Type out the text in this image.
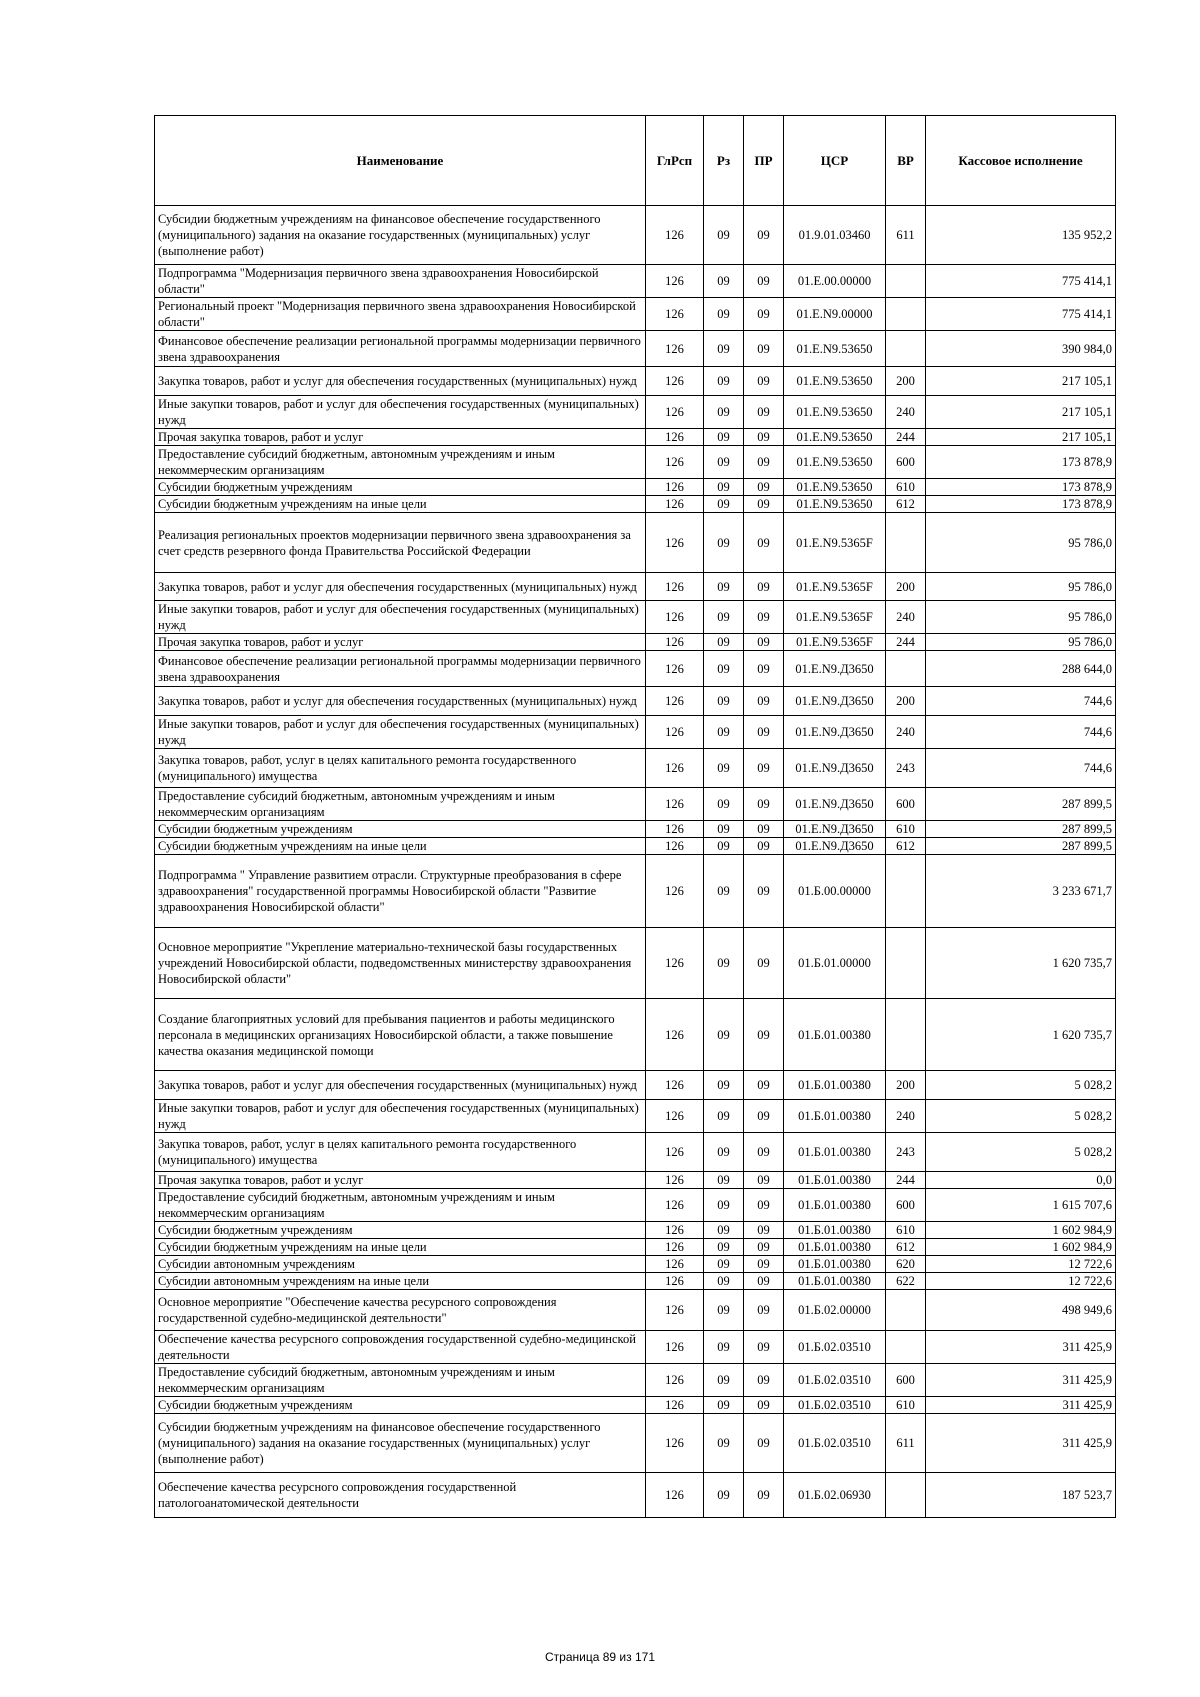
Наименование	ГлРсп	Рз	ПР	ЦСР	ВР	Кассовое исполнение
Субсидии бюджетным учреждениям на финансовое обеспечение государственного (муниципального) задания на оказание государственных (муниципальных) услуг (выполнение работ)	126	09	09	01.9.01.03460	611	135 952,2
Подпрограмма "Модернизация первичного звена здравоохранения Новосибирской области"	126	09	09	01.E.00.00000		775 414,1
Региональный проект "Модернизация первичного звена здравоохранения Новосибирской области"	126	09	09	01.E.N9.00000		775 414,1
Финансовое обеспечение реализации региональной программы модернизации первичного звена здравоохранения	126	09	09	01.E.N9.53650		390 984,0
Закупка товаров, работ и услуг для обеспечения государственных (муниципальных) нужд	126	09	09	01.E.N9.53650	200	217 105,1
Иные закупки товаров, работ и услуг для обеспечения государственных (муниципальных) нужд	126	09	09	01.E.N9.53650	240	217 105,1
Прочая закупка товаров, работ и услуг	126	09	09	01.E.N9.53650	244	217 105,1
Предоставление субсидий бюджетным, автономным учреждениям и иным некоммерческим организациям	126	09	09	01.E.N9.53650	600	173 878,9
Субсидии бюджетным учреждениям	126	09	09	01.E.N9.53650	610	173 878,9
Субсидии бюджетным учреждениям на иные цели	126	09	09	01.E.N9.53650	612	173 878,9
Реализация региональных проектов модернизации первичного звена здравоохранения за счет средств резервного фонда Правительства Российской Федерации	126	09	09	01.E.N9.5365F		95 786,0
Закупка товаров, работ и услуг для обеспечения государственных (муниципальных) нужд	126	09	09	01.E.N9.5365F	200	95 786,0
Иные закупки товаров, работ и услуг для обеспечения государственных (муниципальных) нужд	126	09	09	01.E.N9.5365F	240	95 786,0
Прочая закупка товаров, работ и услуг	126	09	09	01.E.N9.5365F	244	95 786,0
Финансовое обеспечение реализации региональной программы модернизации первичного звена здравоохранения	126	09	09	01.E.N9.Д3650		288 644,0
Закупка товаров, работ и услуг для обеспечения государственных (муниципальных) нужд	126	09	09	01.E.N9.Д3650	200	744,6
Иные закупки товаров, работ и услуг для обеспечения государственных (муниципальных) нужд	126	09	09	01.E.N9.Д3650	240	744,6
Закупка товаров, работ, услуг в целях капитального ремонта государственного (муниципального) имущества	126	09	09	01.E.N9.Д3650	243	744,6
Предоставление субсидий бюджетным, автономным учреждениям и иным некоммерческим организациям	126	09	09	01.E.N9.Д3650	600	287 899,5
Субсидии бюджетным учреждениям	126	09	09	01.E.N9.Д3650	610	287 899,5
Субсидии бюджетным учреждениям на иные цели	126	09	09	01.E.N9.Д3650	612	287 899,5
Подпрограмма " Управление развитием отрасли. Структурные преобразования в сфере здравоохранения" государственной программы Новосибирской области "Развитие здравоохранения Новосибирской области"	126	09	09	01.Б.00.00000		3 233 671,7
Основное мероприятие "Укрепление материально-технической базы государственных учреждений Новосибирской области, подведомственных министерству здравоохранения Новосибирской области"	126	09	09	01.Б.01.00000		1 620 735,7
Создание благоприятных условий для пребывания пациентов и работы медицинского персонала в медицинских организациях Новосибирской области, а также повышение качества оказания медицинской помощи	126	09	09	01.Б.01.00380		1 620 735,7
Закупка товаров, работ и услуг для обеспечения государственных (муниципальных) нужд	126	09	09	01.Б.01.00380	200	5 028,2
Иные закупки товаров, работ и услуг для обеспечения государственных (муниципальных) нужд	126	09	09	01.Б.01.00380	240	5 028,2
Закупка товаров, работ, услуг в целях капитального ремонта государственного (муниципального) имущества	126	09	09	01.Б.01.00380	243	5 028,2
Прочая закупка товаров, работ и услуг	126	09	09	01.Б.01.00380	244	0,0
Предоставление субсидий бюджетным, автономным учреждениям и иным некоммерческим организациям	126	09	09	01.Б.01.00380	600	1 615 707,6
Субсидии бюджетным учреждениям	126	09	09	01.Б.01.00380	610	1 602 984,9
Субсидии бюджетным учреждениям на иные цели	126	09	09	01.Б.01.00380	612	1 602 984,9
Субсидии автономным учреждениям	126	09	09	01.Б.01.00380	620	12 722,6
Субсидии автономным учреждениям на иные цели	126	09	09	01.Б.01.00380	622	12 722,6
Основное мероприятие "Обеспечение качества ресурсного сопровождения государственной судебно-медицинской деятельности"	126	09	09	01.Б.02.00000		498 949,6
Обеспечение качества ресурсного сопровождения государственной судебно-медицинской деятельности	126	09	09	01.Б.02.03510		311 425,9
Предоставление субсидий бюджетным, автономным учреждениям и иным некоммерческим организациям	126	09	09	01.Б.02.03510	600	311 425,9
Субсидии бюджетным учреждениям	126	09	09	01.Б.02.03510	610	311 425,9
Субсидии бюджетным учреждениям на финансовое обеспечение государственного (муниципального) задания на оказание государственных (муниципальных) услуг (выполнение работ)	126	09	09	01.Б.02.03510	611	311 425,9
Обеспечение качества ресурсного сопровождения государственной патологоанатомической деятельности	126	09	09	01.Б.02.06930		187 523,7
Страница 89 из 171
